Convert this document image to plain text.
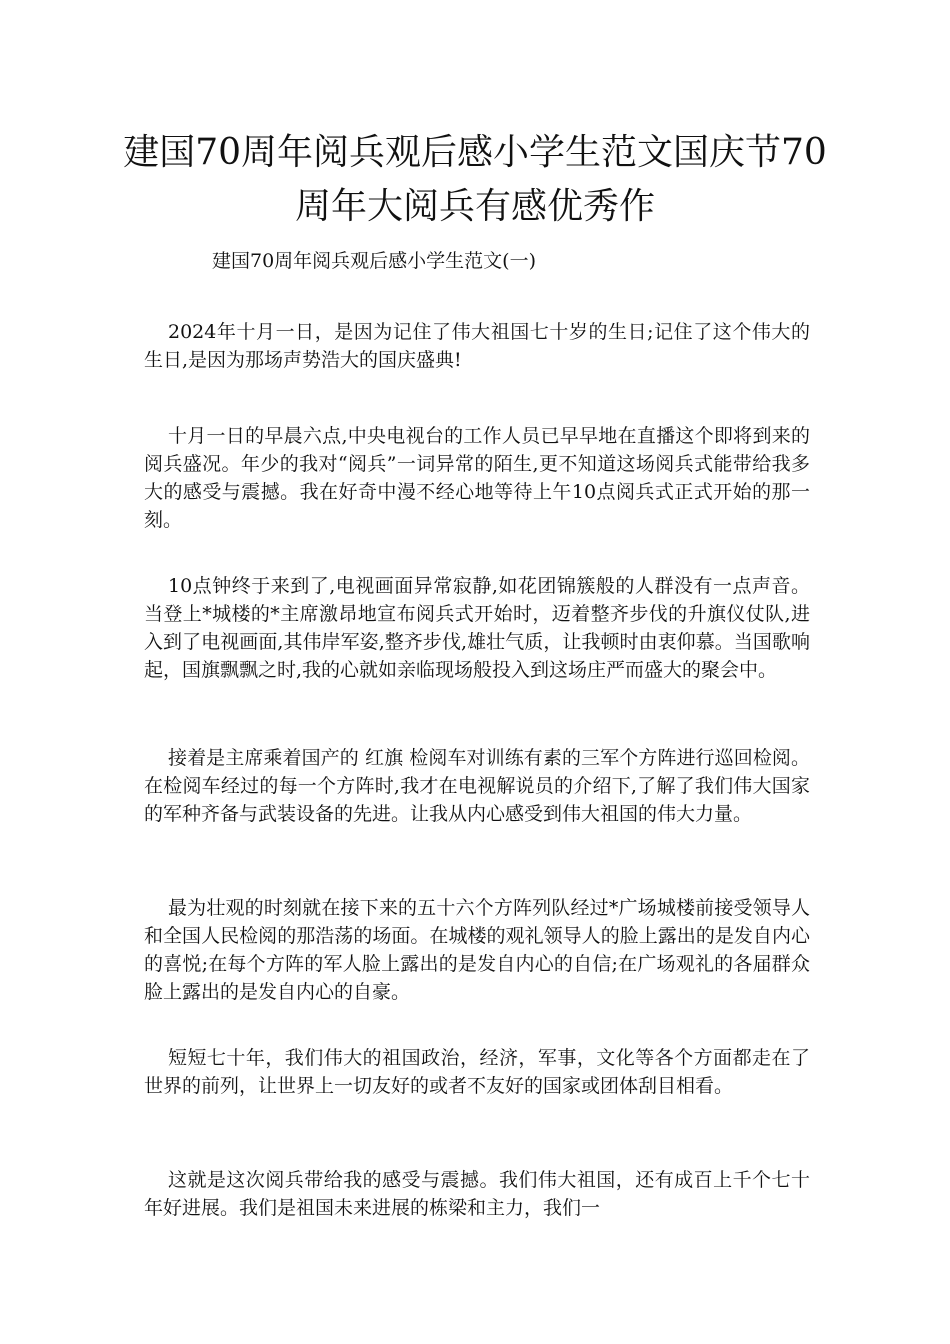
建国70周年阅兵观后感小学生范文国庆节70周年大阅兵有感优秀作

建国70周年阅兵观后感小学生范文(一)

2024年十月一日，是因为记住了伟大祖国七十岁的生日;记住了这个伟大的生日,是因为那场声势浩大的国庆盛典!

十月一日的早晨六点,中央电视台的工作人员已早早地在直播这个即将到来的阅兵盛况。年少的我对“阅兵”一词异常的陌生,更不知道这场阅兵式能带给我多大的感受与震撼。我在好奇中漫不经心地等待上午10点阅兵式正式开始的那一刻。

10点钟终于来到了,电视画面异常寂静,如花团锦簇般的人群没有一点声音。当登上*城楼的*主席激昂地宣布阅兵式开始时，迈着整齐步伐的升旗仪仗队,进入到了电视画面,其伟岸军姿,整齐步伐,雄壮气质，让我顿时由衷仰慕。当国歌响起，国旗飘飘之时,我的心就如亲临现场般投入到这场庄严而盛大的聚会中。

接着是主席乘着国产的 红旗 检阅车对训练有素的三军个方阵进行巡回检阅。在检阅车经过的每一个方阵时,我才在电视解说员的介绍下,了解了我们伟大国家的军种齐备与武装设备的先进。让我从内心感受到伟大祖国的伟大力量。

最为壮观的时刻就在接下来的五十六个方阵列队经过*广场城楼前接受领导人和全国人民检阅的那浩荡的场面。在城楼的观礼领导人的脸上露出的是发自内心的喜悦;在每个方阵的军人脸上露出的是发自内心的自信;在广场观礼的各届群众脸上露出的是发自内心的自豪。

短短七十年，我们伟大的祖国政治，经济，军事，文化等各个方面都走在了世界的前列，让世界上一切友好的或者不友好的国家或团体刮目相看。

这就是这次阅兵带给我的感受与震撼。我们伟大祖国，还有成百上千个七十年好进展。我们是祖国未来进展的栋梁和主力，我们一
